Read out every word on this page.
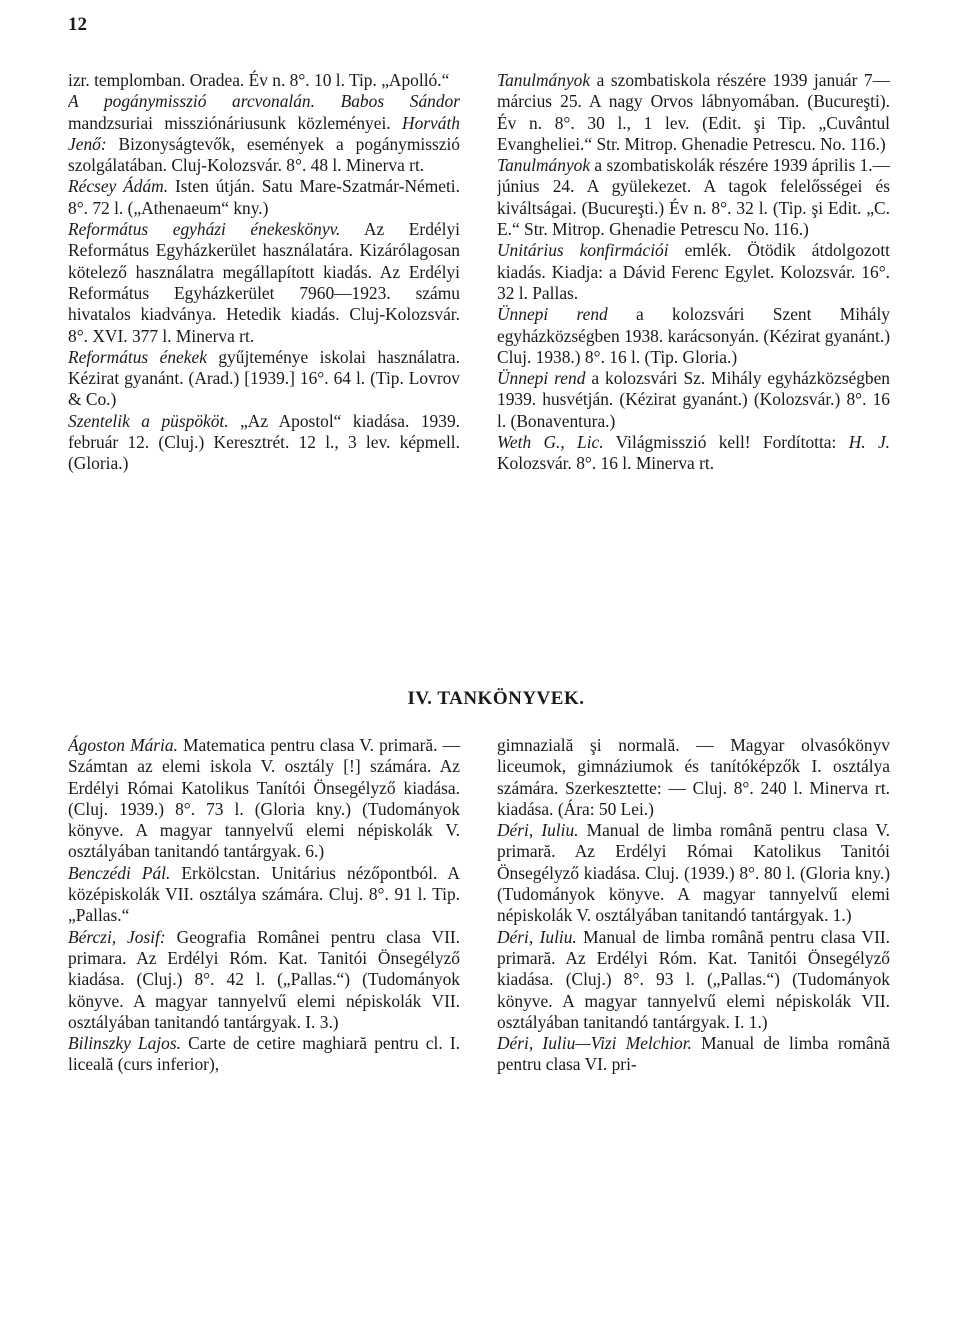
12

izr. templomban. Oradea. Év n. 8°. 10 l. Tip. „Apolló.“

A pogánymisszió arcvonalán. Babos Sándor mandzsuriai missziónáriusunk közleményei. Horváth Jenő: Bizonyságtevők, események a pogánymisszió szolgálatában. Cluj-Kolozsvár. 8°. 48 l. Minerva rt.

Récsey Ádám. Isten útján. Satu Mare-Szatmár-Németi. 8°. 72 l. („Athenaeum“ kny.)

Református egyházi énekeskönyv. Az Erdélyi Református Egyházkerület használatára. Kizárólagosan kötelező használatra megállapított kiadás. Az Erdélyi Református Egyházkerület 7960—1923. számu hivatalos kiadványa. Hetedik kiadás. Cluj-Kolozsvár. 8°. XVI. 377 l. Minerva rt.

Református énekek gyűjteménye iskolai használatra. Kézirat gyanánt. (Arad.) [1939.] 16°. 64 l. (Tip. Lovrov & Co.)

Szentelik a püspököt. „Az Apostol“ kiadása. 1939. február 12. (Cluj.) Keresztrét. 12 l., 3 lev. képmell. (Gloria.)

Tanulmányok a szombatiskola részére 1939 január 7—március 25. A nagy Orvos lábnyomában. (Bucureşti). Év n. 8°. 30 l., 1 lev. (Edit. şi Tip. „Cuvântul Evangheliei.“ Str. Mitrop. Ghenadie Petrescu. No. 116.)

Tanulmányok a szombatiskolák részére 1939 április 1.—június 24. A gyülekezet. A tagok felelősségei és kiváltságai. (Bucureşti.) Év n. 8°. 32 l. (Tip. şi Edit. „C. E.“ Str. Mitrop. Ghenadie Petrescu No. 116.)

Unitárius konfirmációi emlék. Ötödik átdolgozott kiadás. Kiadja: a Dávid Ferenc Egylet. Kolozsvár. 16°. 32 l. Pallas.

Ünnepi rend a kolozsvári Szent Mihály egyházközségben 1938. karácsonyán. (Kézirat gyanánt.) Cluj. 1938.) 8°. 16 l. (Tip. Gloria.)

Ünnepi rend a kolozsvári Sz. Mihály egyházközségben 1939. husvétján. (Kézirat gyanánt.) (Kolozsvár.) 8°. 16 l. (Bonaventura.)

Weth G., Lic. Világmisszió kell! Fordította: H. J. Kolozsvár. 8°. 16 l. Minerva rt.

IV. TANKÖNYVEK.

Ágoston Mária. Matematica pentru clasa V. primară. — Számtan az elemi iskola V. osztály [!] számára. Az Erdélyi Római Katolikus Tanítói Önsegélyző kiadása. (Cluj. 1939.) 8°. 73 l. (Gloria kny.) (Tudományok könyve. A magyar tannyelvű elemi népiskolák V. osztályában tanitandó tantárgyak. 6.)

Benczédi Pál. Erkölcstan. Unitárius nézőpontból. A középiskolák VII. osztálya számára. Cluj. 8°. 91 l. Tip. „Pallas.“

Bérczi, Josif: Geografia Românei pentru clasa VII. primara. Az Erdélyi Róm. Kat. Tanitói Önsegélyző kiadása. (Cluj.) 8°. 42 l. („Pallas.“) (Tudományok könyve. A magyar tannyelvű elemi népiskolák VII. osztályában tanitandó tantárgyak. I. 3.)

Bilinszky Lajos. Carte de cetire maghiară pentru cl. I. liceală (curs inferior),

gimnazială şi normală. — Magyar olvasókönyv liceumok, gimnáziumok és tanítóképzők I. osztálya számára. Szerkesztette: — Cluj. 8°. 240 l. Minerva rt. kiadása. (Ára: 50 Lei.)

Déri, Iuliu. Manual de limba română pentru clasa V. primară. Az Erdélyi Római Katolikus Tanitói Önsegélyző kiadása. Cluj. (1939.) 8°. 80 l. (Gloria kny.) (Tudományok könyve. A magyar tannyelvű elemi népiskolák V. osztályában tanitandó tantárgyak. 1.)

Déri, Iuliu. Manual de limba română pentru clasa VII. primară. Az Erdélyi Róm. Kat. Tanitói Önsegélyző kiadása. (Cluj.) 8°. 93 l. („Pallas.“) (Tudományok könyve. A magyar tannyelvű elemi népiskolák VII. osztályában tanitandó tantárgyak. I. 1.)

Déri, Iuliu—Vizi Melchior. Manual de limba română pentru clasa VI. pri-
